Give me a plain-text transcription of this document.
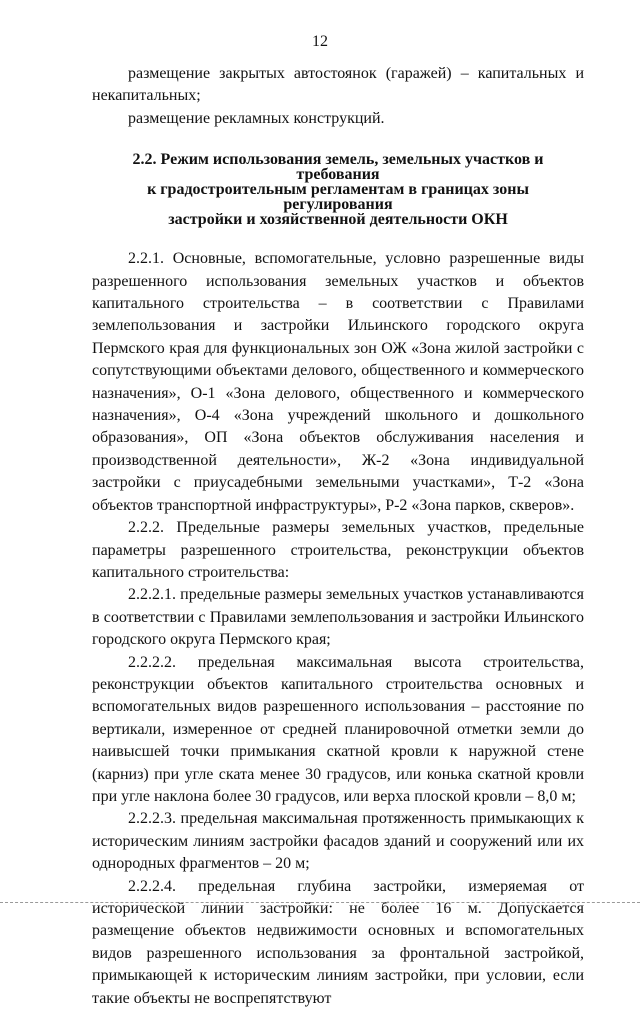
12

размещение закрытых автостоянок (гаражей) – капитальных и некапитальных;

размещение рекламных конструкций.

2.2. Режим использования земель, земельных участков и требования
к градостроительным регламентам в границах зоны регулирования
застройки и хозяйственной деятельности ОКН

2.2.1. Основные, вспомогательные, условно разрешенные виды разрешенного использования земельных участков и объектов капитального строительства – в соответствии с Правилами землепользования и застройки Ильинского городского округа Пермского края для функциональных зон ОЖ «Зона жилой застройки с сопутствующими объектами делового, общественного и коммерческого назначения», О-1 «Зона делового, общественного и коммерческого назначения», О-4 «Зона учреждений школьного и дошкольного образования», ОП «Зона объектов обслуживания населения и производственной деятельности», Ж-2 «Зона индивидуальной застройки с приусадебными земельными участками», Т-2 «Зона объектов транспортной инфраструктуры», Р-2 «Зона парков, скверов».

2.2.2. Предельные размеры земельных участков, предельные параметры разрешенного строительства, реконструкции объектов капитального строительства:

2.2.2.1. предельные размеры земельных участков устанавливаются в соответствии с Правилами землепользования и застройки Ильинского городского округа Пермского края;

2.2.2.2. предельная максимальная высота строительства, реконструкции объектов капитального строительства основных и вспомогательных видов разрешенного использования – расстояние по вертикали, измеренное от средней планировочной отметки земли до наивысшей точки примыкания скатной кровли к наружной стене (карниз) при угле ската менее 30 градусов, или конька скатной кровли при угле наклона более 30 градусов, или верха плоской кровли – 8,0 м;

2.2.2.3. предельная максимальная протяженность примыкающих к историческим линиям застройки фасадов зданий и сооружений или их однородных фрагментов – 20 м;

2.2.2.4. предельная глубина застройки, измеряемая от исторической линии застройки: не более 16 м. Допускается размещение объектов недвижимости основных и вспомогательных видов разрешенного использования за фронтальной застройкой, примыкающей к историческим линиям застройки, при условии, если такие объекты не воспрепятствуют
